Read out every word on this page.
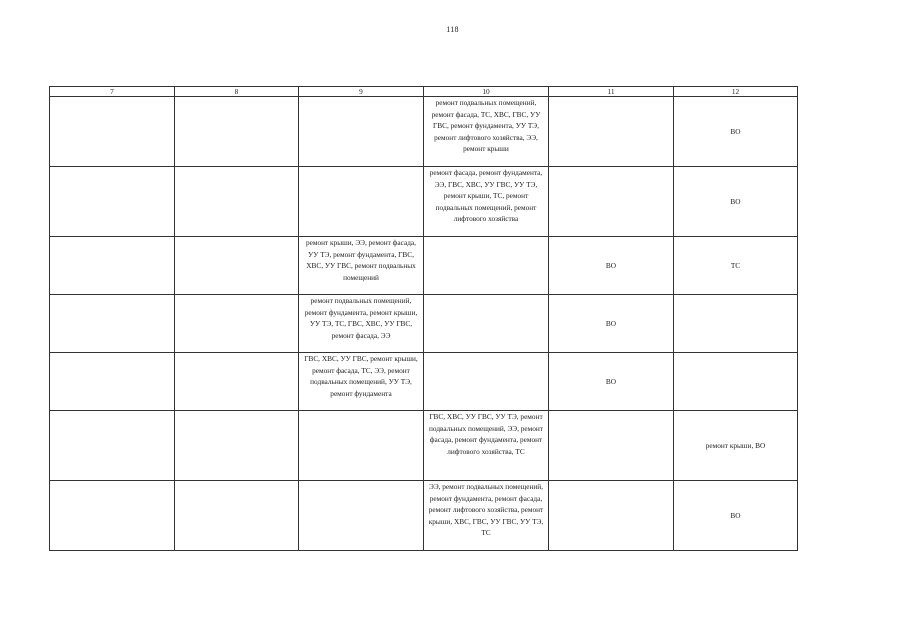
118
7	8	9	10	11	12
			ремонт подвальных помещений, ремонт фасада, ТС, ХВС, ГВС, УУ ГВС, ремонт фундамента, УУ ТЭ, ремонт лифтового хозяйства, ЭЭ, ремонт крыши		ВО
			ремонт фасада, ремонт фундамента, ЭЭ, ГВС, ХВС, УУ ГВС, УУ ТЭ, ремонт крыши, ТС, ремонт подвальных помещений, ремонт лифтового хозяйства		ВО
		ремонт крыши, ЭЭ, ремонт фасада, УУ ТЭ, ремонт фундамента, ГВС, ХВС, УУ ГВС, ремонт подвальных помещений		ВО	ТС
		ремонт подвальных помещений, ремонт фундамента, ремонт крыши, УУ ТЭ, ТС, ГВС, ХВС, УУ ГВС, ремонт фасада, ЭЭ		ВО	
		ГВС, ХВС, УУ ГВС, ремонт крыши, ремонт фасада, ТС, ЭЭ, ремонт подвальных помещений, УУ ТЭ, ремонт фундамента		ВО	
			ГВС, ХВС, УУ ГВС, УУ ТЭ, ремонт подвальных помещений, ЭЭ, ремонт фасада, ремонт фундамента, ремонт лифтового хозяйства, ТС		ремонт крыши, ВО
			ЭЭ, ремонт подвальных помещений, ремонт фундамента, ремонт фасада, ремонт лифтового хозяйства, ремонт крыши, ХВС, ГВС, УУ ГВС, УУ ТЭ, ТС		ВО
